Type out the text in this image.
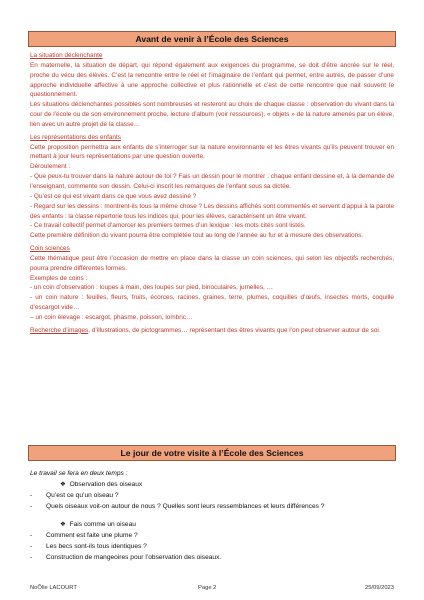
Avant de venir à l’École des Sciences

La situation déclenchante

En maternelle, la situation de départ, qui répond également aux exigences du programme, se doit d’être ancrée sur le réel, proche du vécu des élèves. C’est la rencontre entre le réel et l’imaginaire de l’enfant qui permet, entre autres, de passer d’une approche individuelle affective à une approche collective et plus rationnelle et c’est de cette rencontre que nait souvent le questionnement.

Les situations déclenchantes possibles sont nombreuses et resteront au choix de chaque classe : observation du vivant dans la cour de l’école ou de son environnement proche, lecture d’album (voir ressources), « objets » de la nature amenés par un élève, lien avec un autre projet de la classe…

Les représentations des enfants

Cette proposition permettra aux enfants de s’interroger sur la nature environnante et les êtres vivants qu’ils peuvent trouver en mettant à jour leurs représentations par une question ouverte.

Déroulement :

- Que peux-tu trouver dans la nature autour de toi ? Fais un dessin pour le montrer : chaque enfant dessine et, à la demande de l’enseignant, commente son dessin. Celui-ci inscrit les remarques de l’enfant sous sa dictée.

- Qu’est ce qui est vivant dans ce que vous avez dessiné ?

- Regard sur les dessins : montrent-ils tous la même chose ? Les dessins affichés sont commentés et servent d’appui à la parole des enfants : la classe répertorie tous les indices qui, pour les élèves, caractérisent un être vivant.

- Ce travail collectif permet d’amorcer les premiers termes d’un lexique : les mots cités sont listés.

Cette première définition du vivant pourra être complétée tout au long de l’année au fur et à mesure des observations.

Coin sciences

Cette thématique peut être l’occasion de mettre en place dans la classe un coin sciences, qui selon les objectifs recherchés, pourra prendre différentes formes.

Exemples de coins :

- un coin d’observation : loupes à main, des loupes sur pied, binoculaires, jumelles, …

- un coin nature : feuilles, fleurs, fruits, écorces, racines, graines, terre, plumes, coquilles d’œufs, insectes morts, coquille d’escargot vide…

– un coin élevage : escargot, phasme, poisson, lombric…

Recherche d’images, d’illustrations, de pictogrammes… représentant des êtres vivants que l’on peut observer autour de soi.

Le jour de votre visite à l’École des Sciences

Le travail se fera en deux temps :

❖ Observation des oiseaux

- Qu’est ce qu’un oiseau ?

- Quels oiseaux voit-on autour de nous ? Quelles sont leurs ressemblances et leurs différences ?

❖ Fais comme un oiseau

- Comment est faite une plume ?

- Les becs sont-ils tous identiques ?

- Construction de mangeoires pour l’observation des oiseaux.

NoÕlle LACOURT	Page 2	25/09/2023
